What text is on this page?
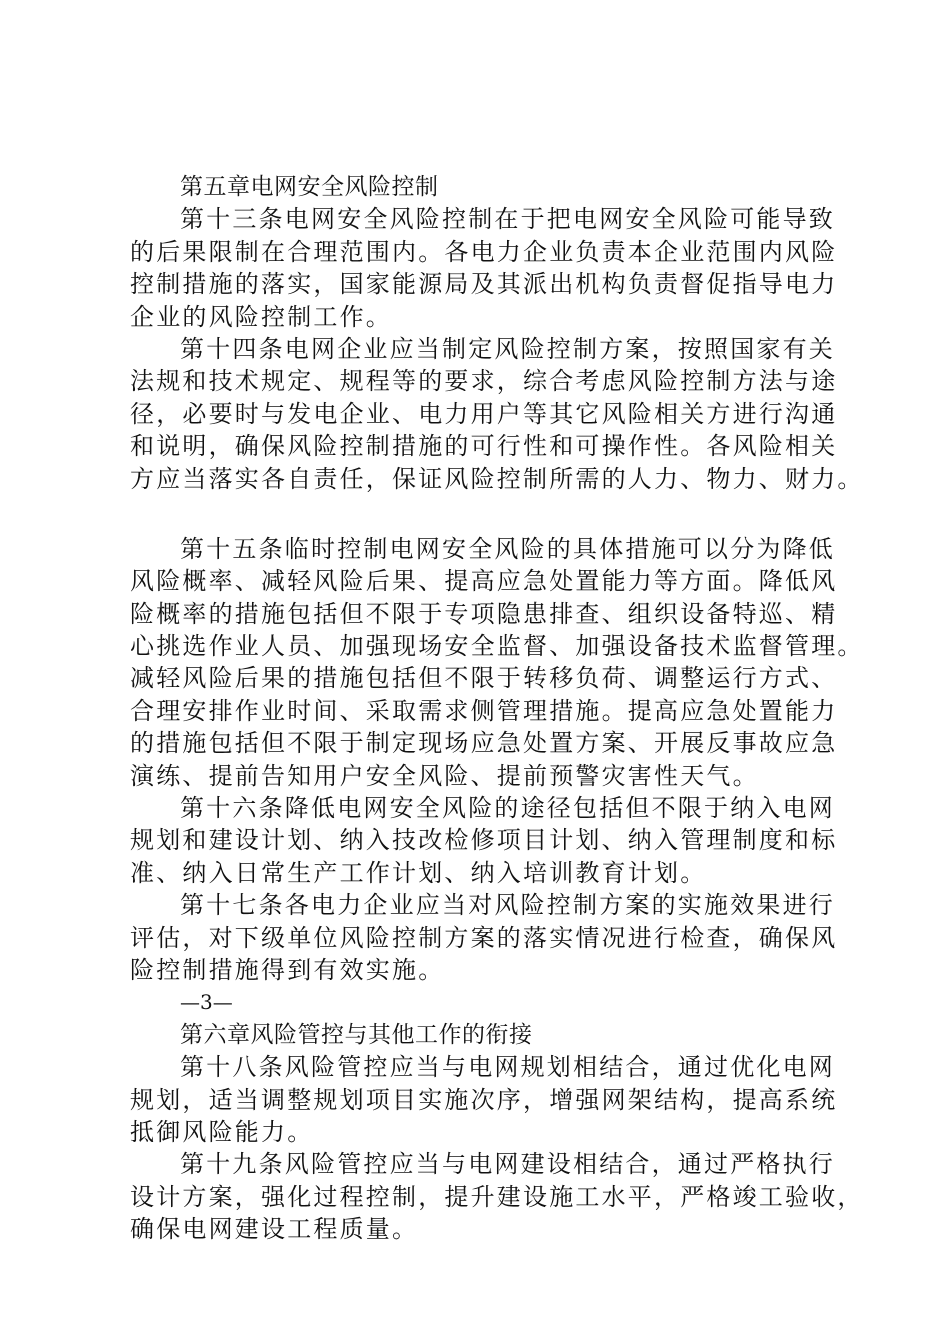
第五章电网安全风险控制
第十三条电网安全风险控制在于把电网安全风险可能导致
的后果限制在合理范围内。各电力企业负责本企业范围内风险
控制措施的落实，国家能源局及其派出机构负责督促指导电力
企业的风险控制工作。
第十四条电网企业应当制定风险控制方案，按照国家有关
法规和技术规定、规程等的要求，综合考虑风险控制方法与途
径，必要时与发电企业、电力用户等其它风险相关方进行沟通
和说明，确保风险控制措施的可行性和可操作性。各风险相关
方应当落实各自责任，保证风险控制所需的人力、物力、财力。
第十五条临时控制电网安全风险的具体措施可以分为降低
风险概率、减轻风险后果、提高应急处置能力等方面。降低风
险概率的措施包括但不限于专项隐患排查、组织设备特巡、精
心挑选作业人员、加强现场安全监督、加强设备技术监督管理。
减轻风险后果的措施包括但不限于转移负荷、调整运行方式、
合理安排作业时间、采取需求侧管理措施。提高应急处置能力
的措施包括但不限于制定现场应急处置方案、开展反事故应急
演练、提前告知用户安全风险、提前预警灾害性天气。
第十六条降低电网安全风险的途径包括但不限于纳入电网
规划和建设计划、纳入技改检修项目计划、纳入管理制度和标
准、纳入日常生产工作计划、纳入培训教育计划。
第十七条各电力企业应当对风险控制方案的实施效果进行
评估，对下级单位风险控制方案的落实情况进行检查，确保风
险控制措施得到有效实施。
—3—
第六章风险管控与其他工作的衔接
第十八条风险管控应当与电网规划相结合，通过优化电网
规划，适当调整规划项目实施次序，增强网架结构，提高系统
抵御风险能力。
第十九条风险管控应当与电网建设相结合，通过严格执行
设计方案，强化过程控制，提升建设施工水平，严格竣工验收，
确保电网建设工程质量。
